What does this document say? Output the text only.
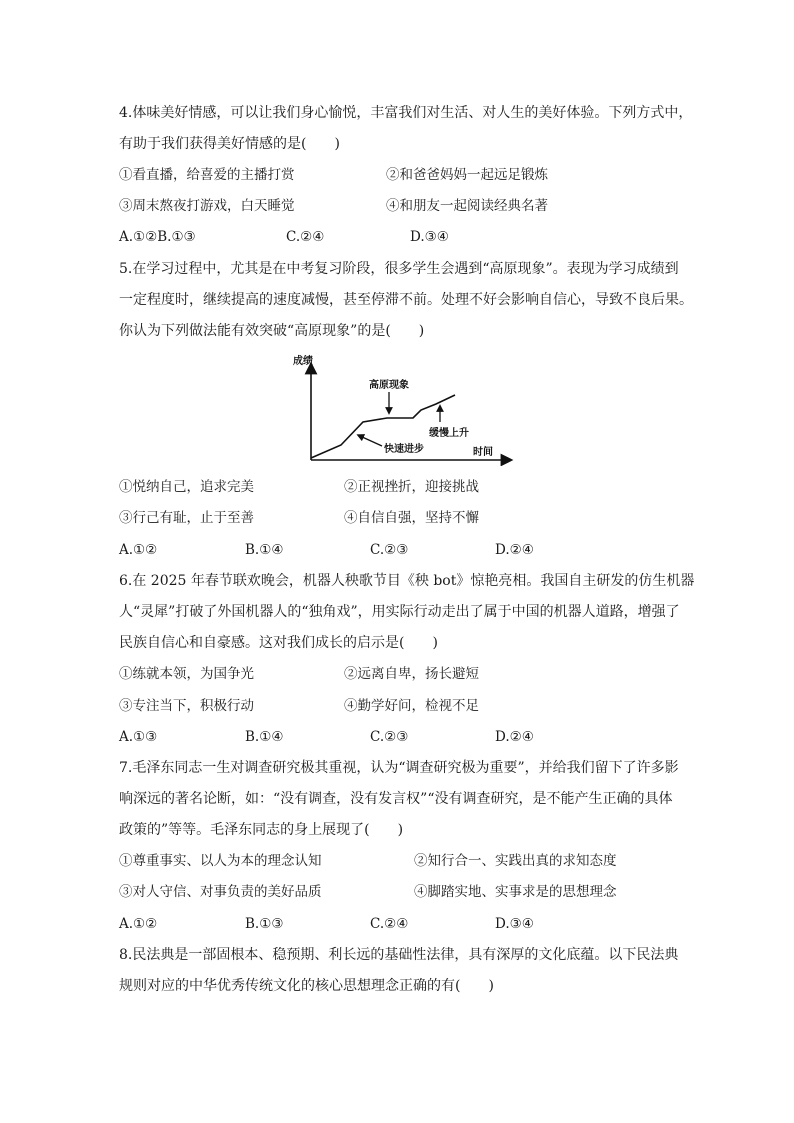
4.体味美好情感，可以让我们身心愉悦，丰富我们对生活、对人生的美好体验。下列方式中，
有助于我们获得美好情感的是(　　)
①看直播，给喜爱的主播打赏	②和爸爸妈妈一起远足锻炼
③周末熬夜打游戏，白天睡觉	④和朋友一起阅读经典名著
A.①②B.①③	C.②④	D.③④
5.在学习过程中，尤其是在中考复习阶段，很多学生会遇到“高原现象”。表现为学习成绩到
一定程度时，继续提高的速度减慢，甚至停滞不前。处理不好会影响自信心，导致不良后果。
你认为下列做法能有效突破“高原现象”的是(　　)
成绩
时间
高原现象
缓慢上升
快速进步
①悦纳自己，追求完美	②正视挫折，迎接挑战
③行己有耻，止于至善	④自信自强，坚持不懈
A.①②	B.①④	C.②③	D.②④
6.在 2025 年春节联欢晚会，机器人秧歌节目《秧 bot》惊艳亮相。我国自主研发的仿生机器
人“灵犀”打破了外国机器人的“独角戏”，用实际行动走出了属于中国的机器人道路，增强了
民族自信心和自豪感。这对我们成长的启示是(　　)
①练就本领，为国争光	②远离自卑，扬长避短
③专注当下，积极行动	④勤学好问，检视不足
A.①③	B.①④	C.②③	D.②④
7.毛泽东同志一生对调查研究极其重视，认为“调查研究极为重要”，并给我们留下了许多影
响深远的著名论断，如：“没有调查，没有发言权”“没有调查研究，是不能产生正确的具体
政策的”等等。毛泽东同志的身上展现了(　　)
①尊重事实、以人为本的理念认知	②知行合一、实践出真的求知态度
③对人守信、对事负责的美好品质	④脚踏实地、实事求是的思想理念
A.①②	B.①③	C.②④	D.③④
8.民法典是一部固根本、稳预期、利长远的基础性法律，具有深厚的文化底蕴。以下民法典
规则对应的中华优秀传统文化的核心思想理念正确的有(　　)
